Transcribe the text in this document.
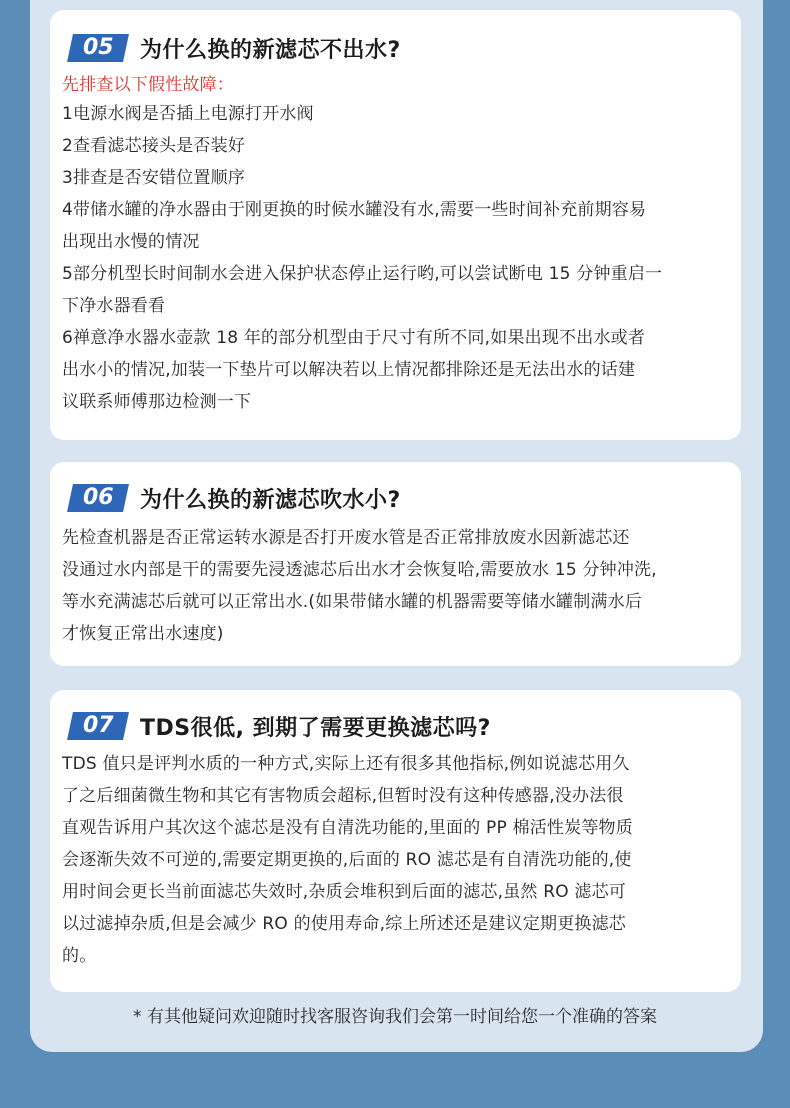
05	为什么换的新滤芯不出水?
先排查以下假性故障：
1电源水阀是否插上电源打开水阀
2查看滤芯接头是否装好
3排查是否安错位置顺序
4带储水罐的净水器由于刚更换的时候水罐没有水,需要一些时间补充前期容易
出现出水慢的情况
5部分机型长时间制水会进入保护状态停止运行哟,可以尝试断电 15 分钟重启一
下净水器看看
6禅意净水器水壶款 18 年的部分机型由于尺寸有所不同,如果出现不出水或者
出水小的情况,加装一下垫片可以解决若以上情况都排除还是无法出水的话建
议联系师傅那边检测一下
06	为什么换的新滤芯吹水小?
先检查机器是否正常运转水源是否打开废水管是否正常排放废水因新滤芯还
没通过水内部是干的需要先浸透滤芯后出水才会恢复哈,需要放水 15 分钟冲洗,
等水充满滤芯后就可以正常出水.(如果带储水罐的机器需要等储水罐制满水后
才恢复正常出水速度)
07	TDS很低, 到期了需要更换滤芯吗?
TDS 值只是评判水质的一种方式,实际上还有很多其他指标,例如说滤芯用久
了之后细菌微生物和其它有害物质会超标,但暂时没有这种传感器,没办法很
直观告诉用户其次这个滤芯是没有自清洗功能的,里面的 PP 棉活性炭等物质
会逐渐失效不可逆的,需要定期更换的,后面的 RO 滤芯是有自清洗功能的,使
用时间会更长当前面滤芯失效时,杂质会堆积到后面的滤芯,虽然 RO 滤芯可
以过滤掉杂质,但是会减少 RO 的使用寿命,综上所述还是建议定期更换滤芯
的。
* 有其他疑问欢迎随时找客服咨询我们会第一时间给您一个准确的答案
